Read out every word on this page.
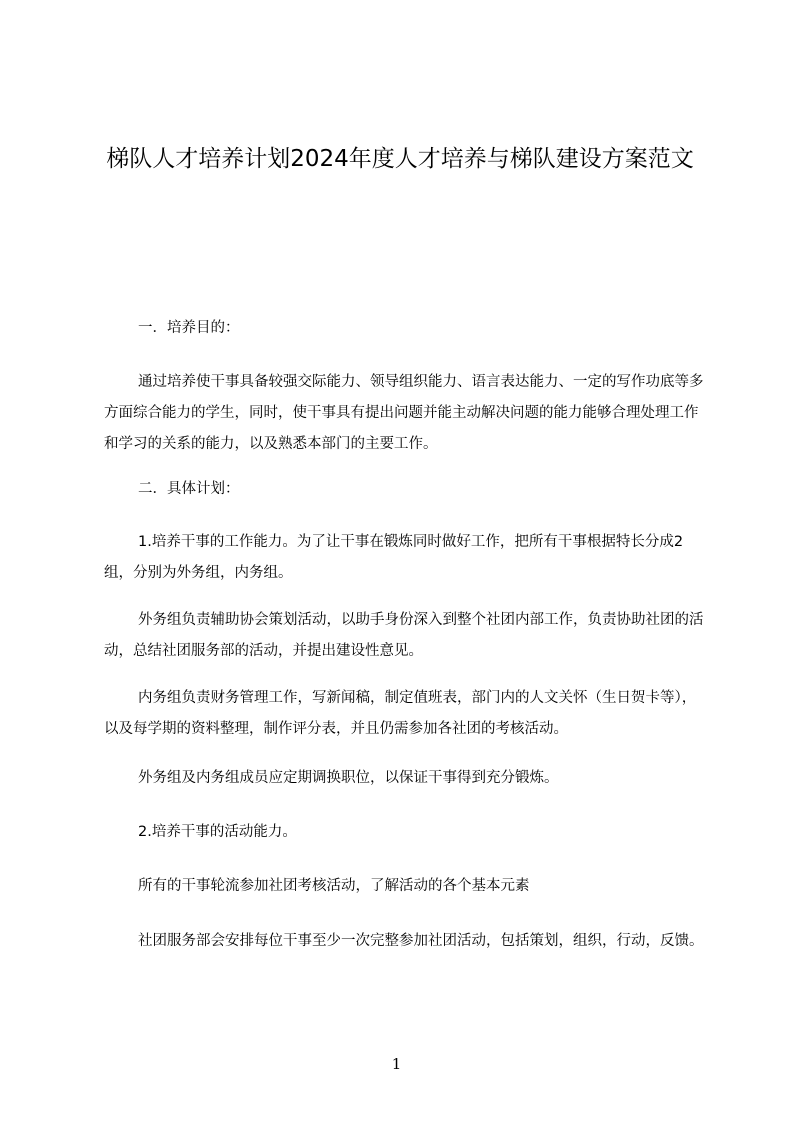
梯队人才培养计划2024年度人才培养与梯队建设方案范文

一．培养目的：

通过培养使干事具备较强交际能力、领导组织能力、语言表达能力、一定的写作功底等多方面综合能力的学生，同时，使干事具有提出问题并能主动解决问题的能力能够合理处理工作和学习的关系的能力，以及熟悉本部门的主要工作。

二．具体计划：

1.培养干事的工作能力。为了让干事在锻炼同时做好工作，把所有干事根据特长分成2组，分别为外务组，内务组。

外务组负责辅助协会策划活动，以助手身份深入到整个社团内部工作，负责协助社团的活动，总结社团服务部的活动，并提出建设性意见。

内务组负责财务管理工作，写新闻稿，制定值班表，部门内的人文关怀（生日贺卡等），以及每学期的资料整理，制作评分表，并且仍需参加各社团的考核活动。

外务组及内务组成员应定期调换职位，以保证干事得到充分锻炼。

2.培养干事的活动能力。

所有的干事轮流参加社团考核活动，了解活动的各个基本元素

社团服务部会安排每位干事至少一次完整参加社团活动，包括策划，组织，行动，反馈。

1
